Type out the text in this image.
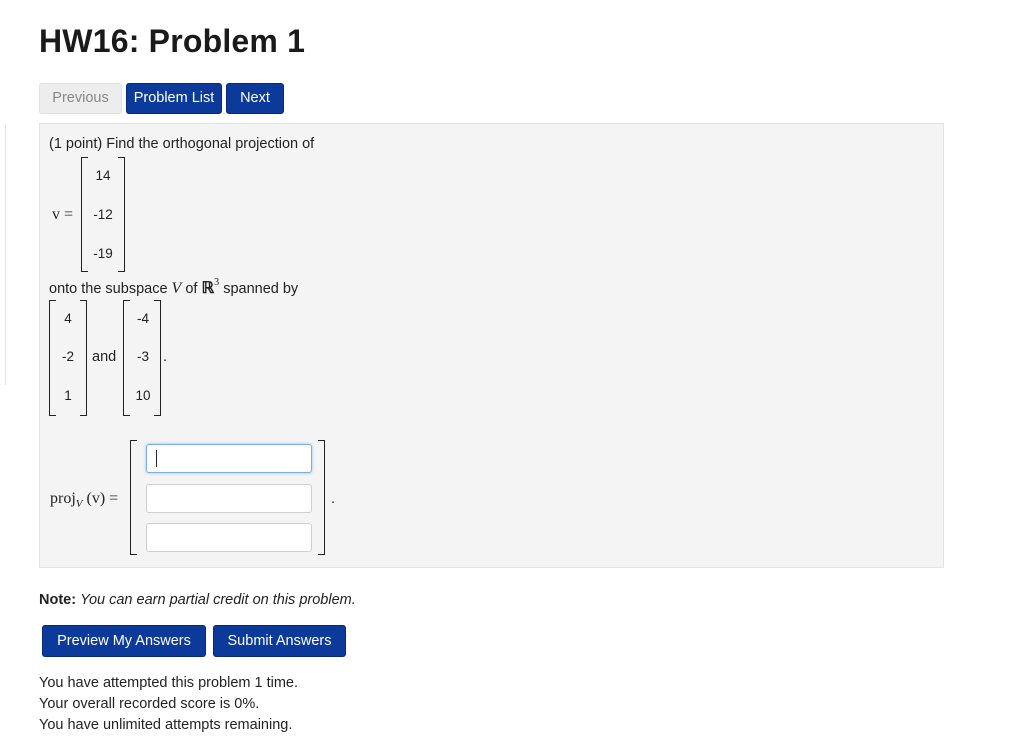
HW16: Problem 1
Previous	Problem List	Next
(1 point) Find the orthogonal projection of
v =
14
-12
-19
onto the subspace V of ℝ$^3$ spanned by
4
-2
1
and
-4
-3
10
.
proj$_V$ (v) =	.
Note: You can earn partial credit on this problem.
Preview My Answers	Submit Answers
You have attempted this problem 1 time.
Your overall recorded score is 0%.
You have unlimited attempts remaining.
